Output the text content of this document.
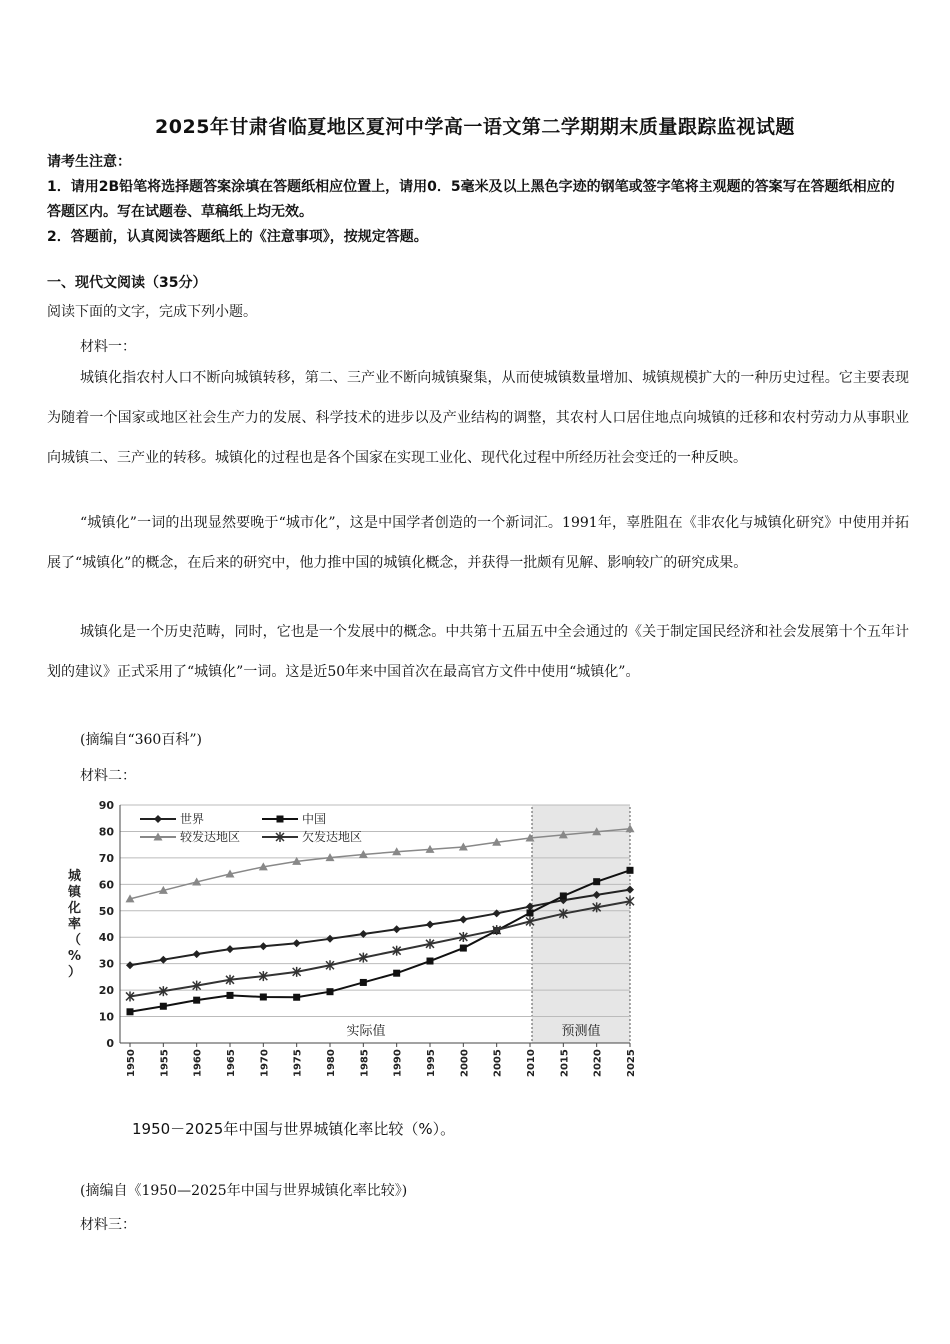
2025年甘肃省临夏地区夏河中学高一语文第二学期期末质量跟踪监视试题
请考生注意：
1．请用2B铅笔将选择题答案涂填在答题纸相应位置上，请用0．5毫米及以上黑色字迹的钢笔或签字笔将主观题的答案写在答题纸相应的答题区内。写在试题卷、草稿纸上均无效。
2．答题前，认真阅读答题纸上的《注意事项》，按规定答题。
一、现代文阅读（35分）
阅读下面的文字，完成下列小题。
材料一：
城镇化指农村人口不断向城镇转移，第二、三产业不断向城镇聚集，从而使城镇数量增加、城镇规模扩大的一种历史过程。它主要表现为随着一个国家或地区社会生产力的发展、科学技术的进步以及产业结构的调整，其农村人口居住地点向城镇的迁移和农村劳动力从事职业向城镇二、三产业的转移。城镇化的过程也是各个国家在实现工业化、现代化过程中所经历社会变迁的一种反映。
“城镇化”一词的出现显然要晚于“城市化”，这是中国学者创造的一个新词汇。1991年，辜胜阻在《非农化与城镇化研究》中使用并拓展了“城镇化”的概念，在后来的研究中，他力推中国的城镇化概念，并获得一批颇有见解、影响较广的研究成果。
城镇化是一个历史范畴，同时，它也是一个发展中的概念。中共第十五届五中全会通过的《关于制定国民经济和社会发展第十个五年计划的建议》正式采用了“城镇化”一词。这是近50年来中国首次在最高官方文件中使用“城镇化”。
(摘编自“360百科”)
材料二：
0
10
20
30
40
50
60
70
80
90
1950 1955 1960 1965 1970 1975 1980 1985 1990 1995 2000 2005 2010 2015 2020 2025
城
镇
化
率
（
%
）
实际值	预测值
世界	中国
较发达地区	欠发达地区
1950－2025年中国与世界城镇化率比较（%）。
(摘编自《1950—2025年中国与世界城镇化率比较》)
材料三：
